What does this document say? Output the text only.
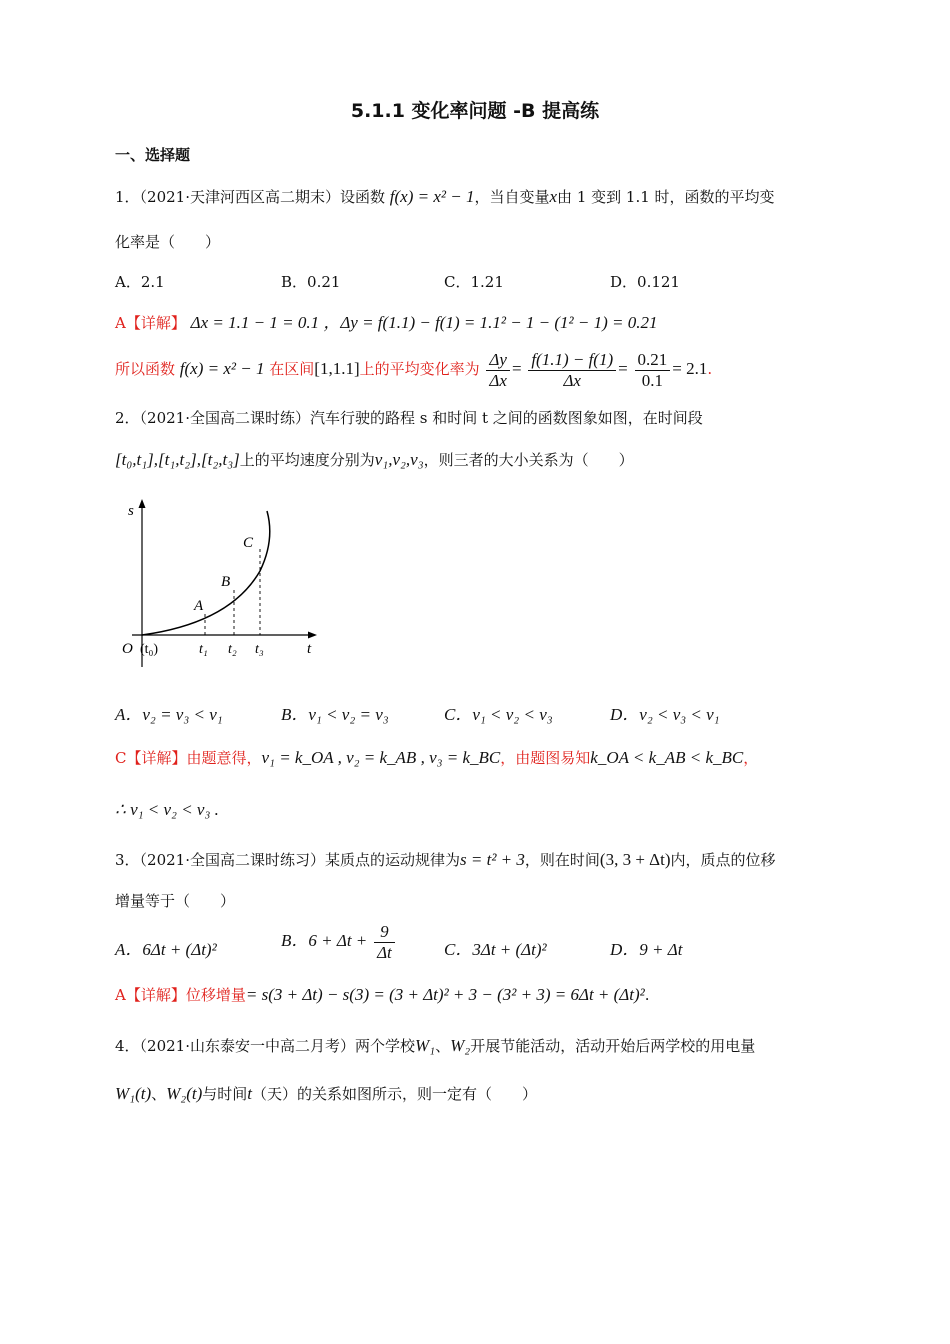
5.1.1 变化率问题 -B 提高练
一、选择题
1．（2021·天津河西区高二期末）设函数 f(x) = x² − 1，当自变量x由 1 变到 1.1 时，函数的平均变
化率是（　　）
A．2.1	B．0.21	C．1.21	D．0.121
A【详解】 Δx = 1.1 − 1 = 0.1 ，Δy = f(1.1) − f(1) = 1.1² − 1 − (1² − 1) = 0.21
所以函数 f(x) = x² − 1 在区间[1,1.1]上的平均变化率为 $\frac{\Delta y}{\Delta x} = \frac{f(1.1) - f(1)}{\Delta x} = \frac{0.21}{0.1} = 2.1$.
2．（2021·全国高二课时练）汽车行驶的路程 s 和时间 t 之间的函数图象如图，在时间段
[t₀,t₁],[t₁,t₂],[t₂,t₃]上的平均速度分别为v₁,v₂,v₃，则三者的大小关系为（　　）
s
t
O (t₀)	t₁ t₂ t₃
A
B
C
A．v₂ = v₃ < v₁	B．v₁ < v₂ = v₃	C．v₁ < v₂ < v₃	D．v₂ < v₃ < v₁
C【详解】由题意得，v₁ = k_OA , v₂ = k_AB , v₃ = k_BC，由题图易知k_OA < k_AB < k_BC，
∴ v₁ < v₂ < v₃ .
3．（2021·全国高二课时练习）某质点的运动规律为s = t² + 3，则在时间(3, 3 + Δt)内，质点的位移
增量等于（　　）
A．6Δt + (Δt)²	B．$6 + \Delta t + \frac{9}{\Delta t}$	C．3Δt + (Δt)²	D．9 + Δt
A【详解】位移增量= s(3 + Δt) − s(3) = (3 + Δt)² + 3 − (3² + 3) = 6Δt + (Δt)².
4．（2021·山东泰安一中高二月考）两个学校W₁、W₂开展节能活动，活动开始后两学校的用电量
W₁(t)、W₂(t)与时间t（天）的关系如图所示，则一定有（　　）
